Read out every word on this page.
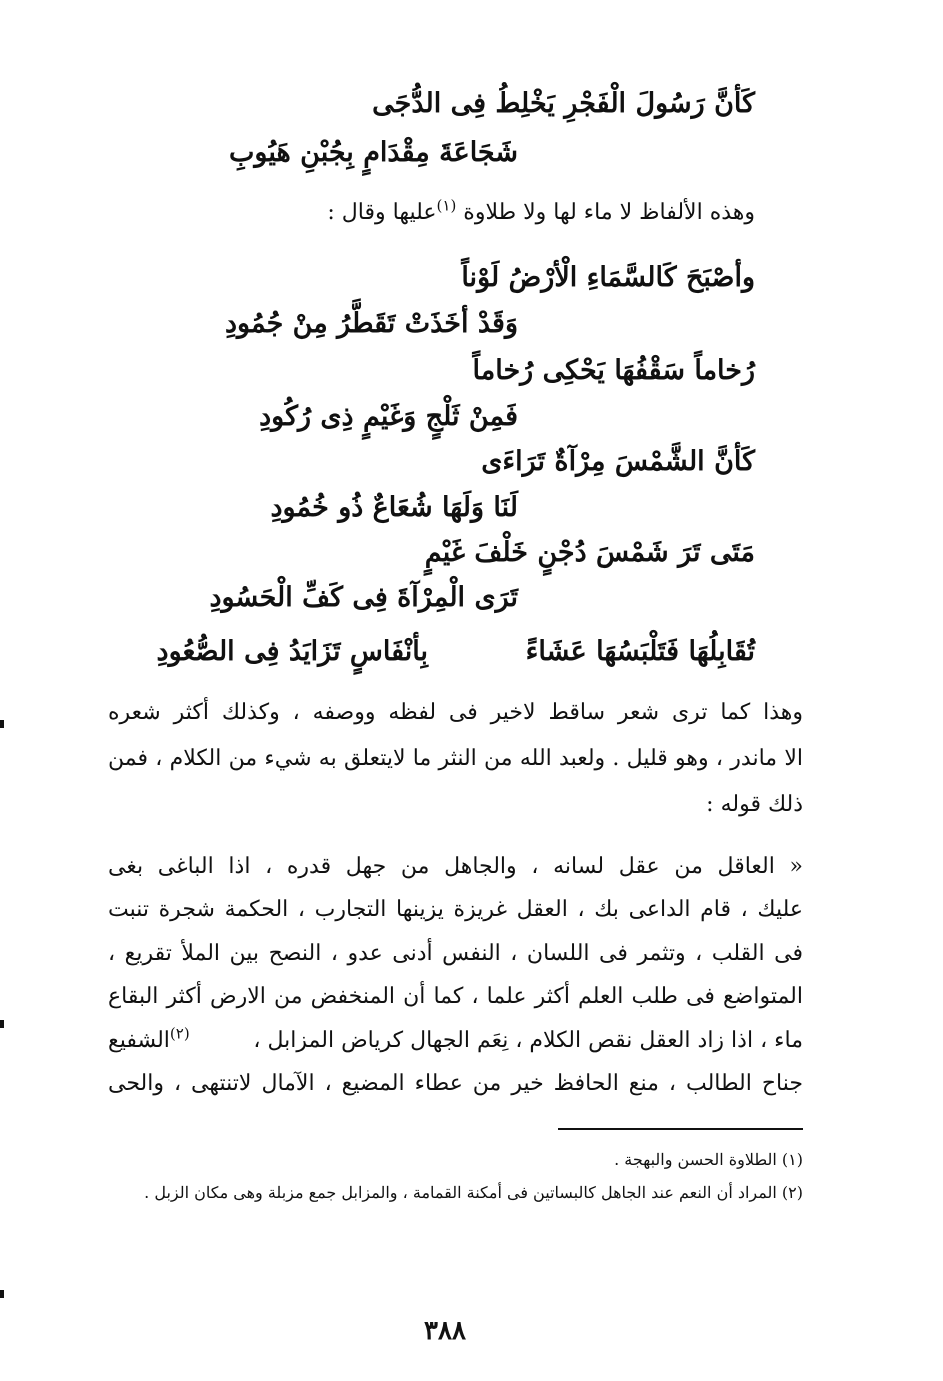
كَأنَّ رَسُولَ الْفَجْرِ يَخْلِطُ فِى الدُّجَى
شَجَاعَةَ مِقْدَامٍ بِجُبْنِ هَيُوبِ
وهذه الألفاظ لا ماء لها ولا طلاوة $^{(١)}$عليها وقال :
وأصْبَحَ كَالسَّمَاءِ الْأرْضُ لَوْناً
وَقَدْ أخَذَتْ تَقَطَّرُ مِنْ جُمُودِ
رُخاماً سَقْفُهَا يَحْكِى رُخاماً
فَمِنْ ثَلْجٍ وَغَيْمٍ ذِى رُكُودِ
كَأنَّ الشَّمْسَ مِرْآةٌ تَرَاءَى
لَنَا وَلَهَا شُعَاعٌ ذُو خُمُودِ
مَتَى تَرَ شَمْسَ دُجْنٍ خَلْفَ غَيْمٍ
تَرَى الْمِرْآةَ فِى كَفِّ الْحَسُودِ
تُقَابِلُهَا فَتَلْبَسُهَا عَشَاءً
بِأنْفَاسٍ تَزَايَدُ فِى الصُّعُودِ
وهذا كما ترى شعر ساقط لاخير فى لفظه ووصفه ، وكذلك أكثر شعره
الا ماندر ، وهو قليل . ولعبد الله من النثر ما لايتعلق به شيء من الكلام ، فمن
ذلك قوله :
« العاقل من عقل لسانه ، والجاهل من جهل قدره ، اذا الباغى بغى
عليك ، قام الداعى بك ، العقل غريزة يزينها التجارب ، الحكمة شجرة تنبت
فى القلب ، وتثمر فى اللسان ، النفس أدنى عدو ، النصح بين الملأ تقريع ،
المتواضع فى طلب العلم أكثر علما ، كما أن المنخفض من الارض أكثر البقاع
ماء ، اذا زاد العقل نقص الكلام ، نِعَم الجهال كرياض المزابل ،
$^{(٢)}$الشفيع
جناح الطالب ، منع الحافظ خير من عطاء المضيع ، الآمال لاتنتهى ، والحى
(١) الطلاوة الحسن والبهجة .
(٢) المراد أن النعم عند الجاهل كالبساتين فى أمكنة القمامة ، والمزابل جمع مزبلة وهى مكان الزبل .
٣٨٨
